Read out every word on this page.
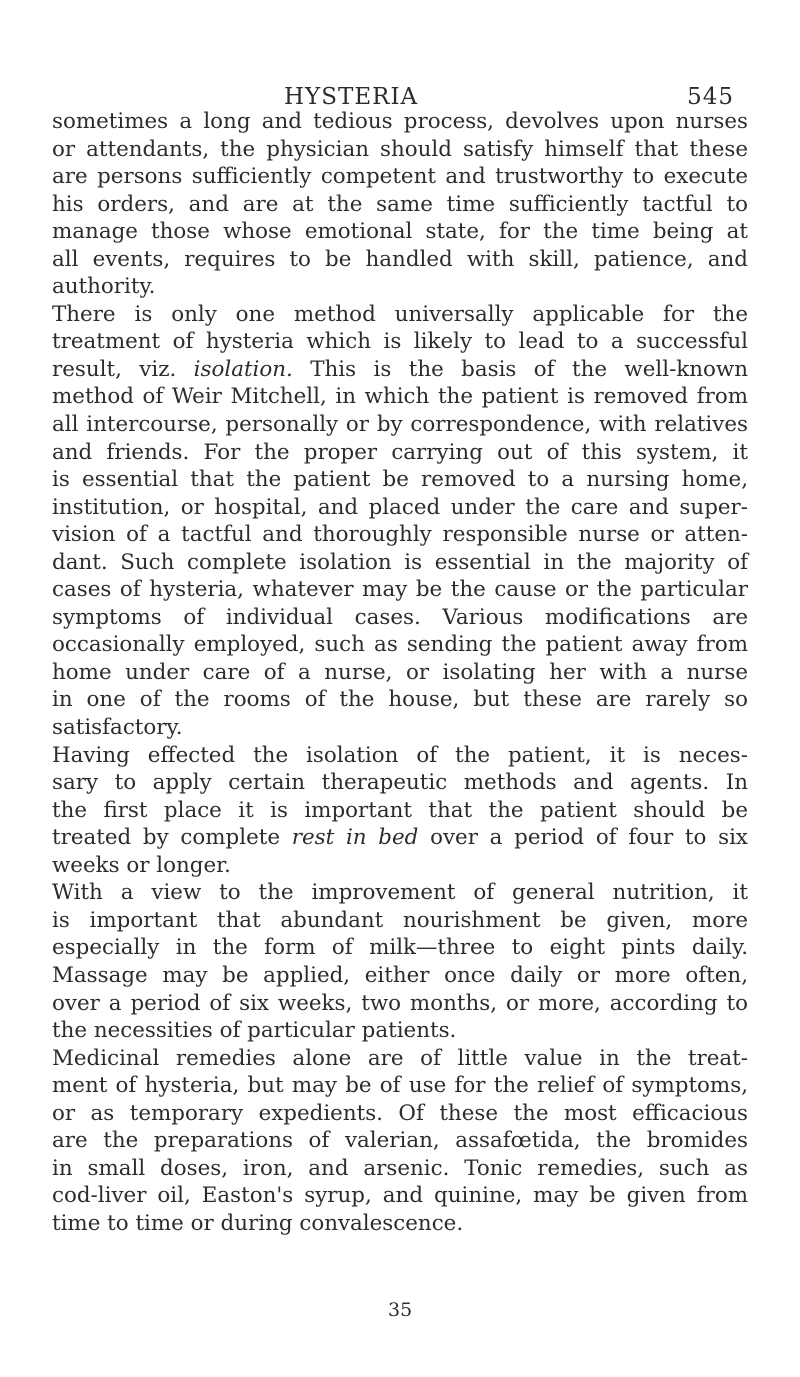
HYSTERIA	545
sometimes a long and tedious process, devolves upon nurses
or attendants, the physician should satisfy himself that these
are persons sufficiently competent and trustworthy to execute
his orders, and are at the same time sufficiently tactful to
manage those whose emotional state, for the time being at
all events, requires to be handled with skill, patience, and
authority.
There is only one method universally applicable for the
treatment of hysteria which is likely to lead to a successful
result, viz. isolation. This is the basis of the well-known
method of Weir Mitchell, in which the patient is removed from
all intercourse, personally or by correspondence, with relatives
and friends. For the proper carrying out of this system, it
is essential that the patient be removed to a nursing home,
institution, or hospital, and placed under the care and super-
vision of a tactful and thoroughly responsible nurse or atten-
dant. Such complete isolation is essential in the majority of
cases of hysteria, whatever may be the cause or the particular
symptoms of individual cases. Various modifications are
occasionally employed, such as sending the patient away from
home under care of a nurse, or isolating her with a nurse
in one of the rooms of the house, but these are rarely so
satisfactory.
Having effected the isolation of the patient, it is neces-
sary to apply certain therapeutic methods and agents. In
the first place it is important that the patient should be
treated by complete rest in bed over a period of four to six
weeks or longer.
With a view to the improvement of general nutrition, it
is important that abundant nourishment be given, more
especially in the form of milk—three to eight pints daily.
Massage may be applied, either once daily or more often,
over a period of six weeks, two months, or more, according to
the necessities of particular patients.
Medicinal remedies alone are of little value in the treat-
ment of hysteria, but may be of use for the relief of symptoms,
or as temporary expedients. Of these the most efficacious
are the preparations of valerian, assafœtida, the bromides
in small doses, iron, and arsenic. Tonic remedies, such as
cod-liver oil, Easton's syrup, and quinine, may be given from
time to time or during convalescence.
35
